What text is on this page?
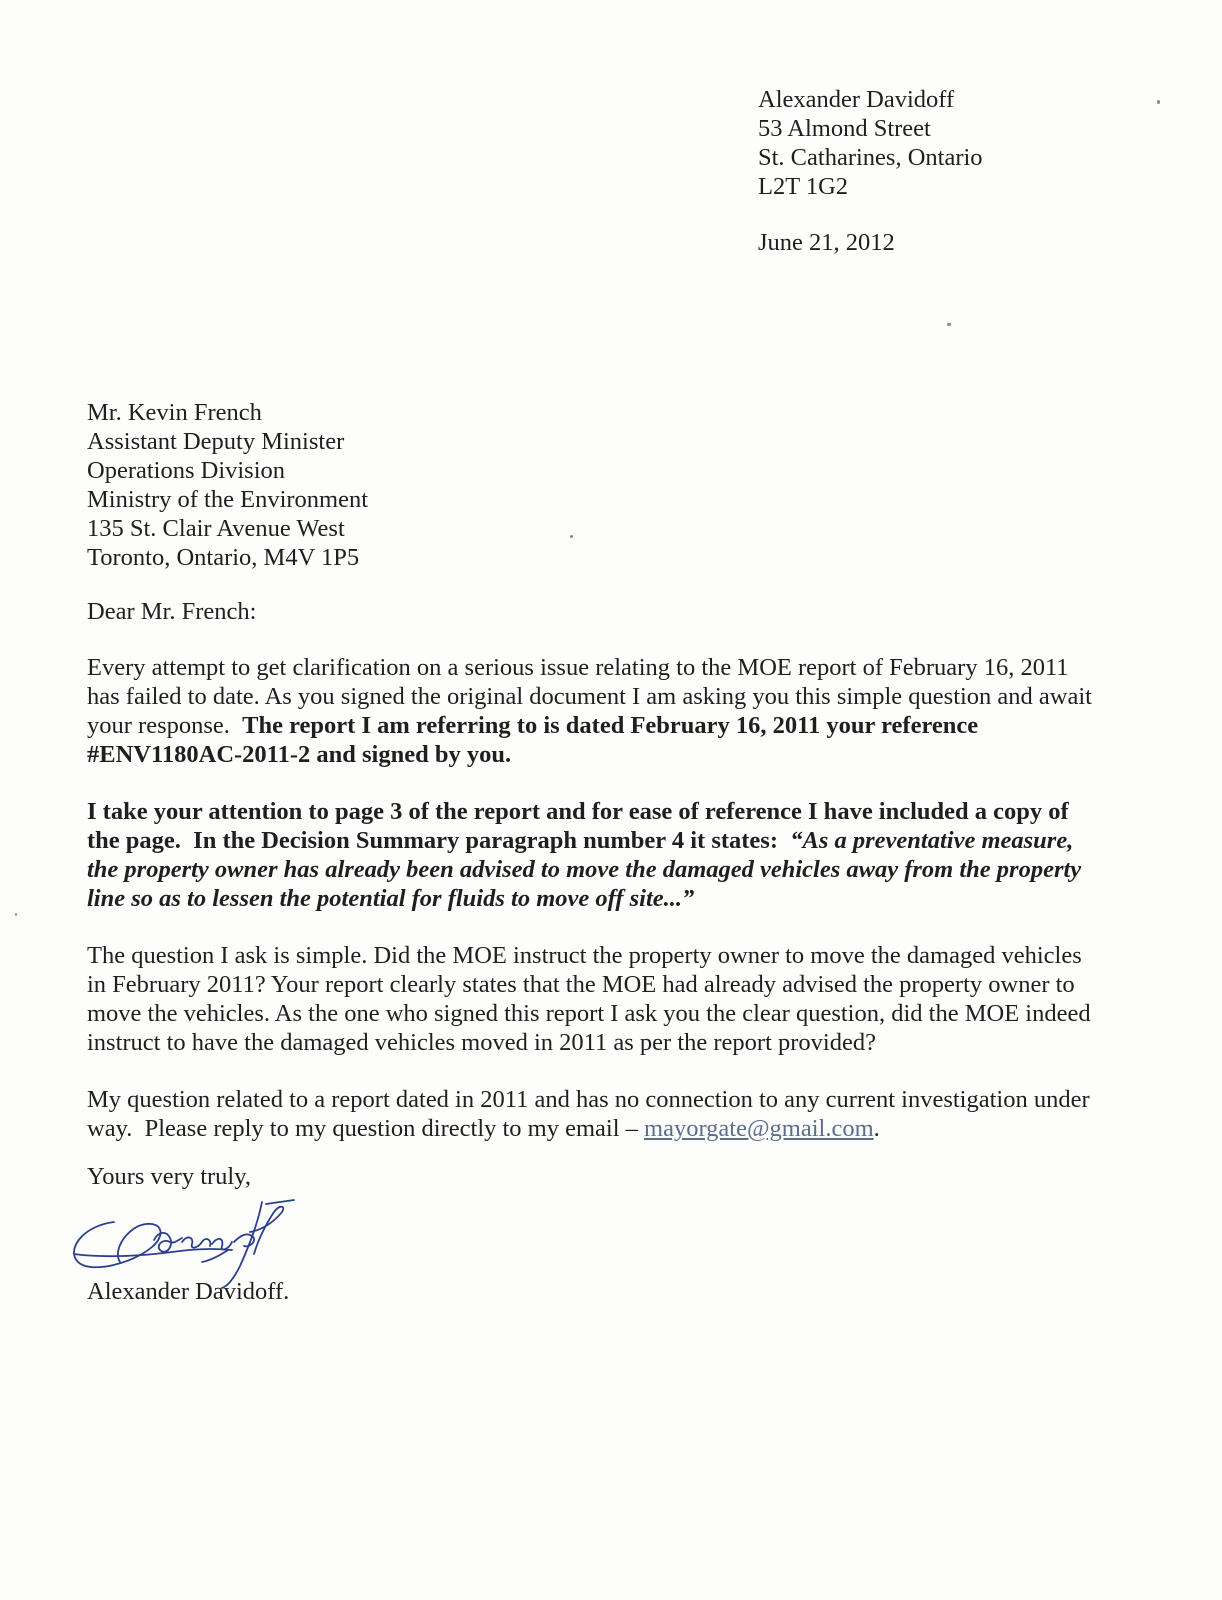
Alexander Davidoff
53 Almond Street
St. Catharines, Ontario
L2T 1G2
June 21, 2012
Mr. Kevin French
Assistant Deputy Minister
Operations Division
Ministry of the Environment
135 St. Clair Avenue West
Toronto, Ontario, M4V 1P5
Dear Mr. French:

Every attempt to get clarification on a serious issue relating to the MOE report of February 16, 2011
has failed to date. As you signed the original document I am asking you this simple question and await
your response.  The report I am referring to is dated February 16, 2011 your reference
#ENV1180AC-2011-2 and signed by you.

I take your attention to page 3 of the report and for ease of reference I have included a copy of
the page.  In the Decision Summary paragraph number 4 it states:  “As a preventative measure,
the property owner has already been advised to move the damaged vehicles away from the property
line so as to lessen the potential for fluids to move off site...”

The question I ask is simple. Did the MOE instruct the property owner to move the damaged vehicles
in February 2011? Your report clearly states that the MOE had already advised the property owner to
move the vehicles. As the one who signed this report I ask you the clear question, did the MOE indeed
instruct to have the damaged vehicles moved in 2011 as per the report provided?

My question related to a report dated in 2011 and has no connection to any current investigation under
way.  Please reply to my question directly to my email – mayorgate@gmail.com.

Yours very truly,
Alexander Davidoff.
